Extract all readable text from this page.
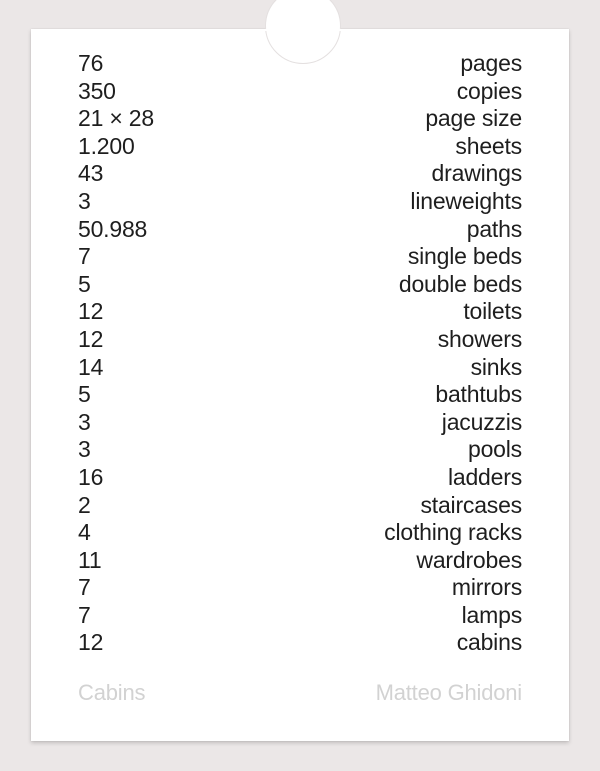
76	pages
350	copies
21 × 28	page size
1.200	sheets
43	drawings
3	lineweights
50.988	paths
7	single beds
5	double beds
12	toilets
12	showers
14	sinks
5	bathtubs
3	jacuzzis
3	pools
16	ladders
2	staircases
4	clothing racks
11	wardrobes
7	mirrors
7	lamps
12	cabins
Cabins	Matteo Ghidoni
